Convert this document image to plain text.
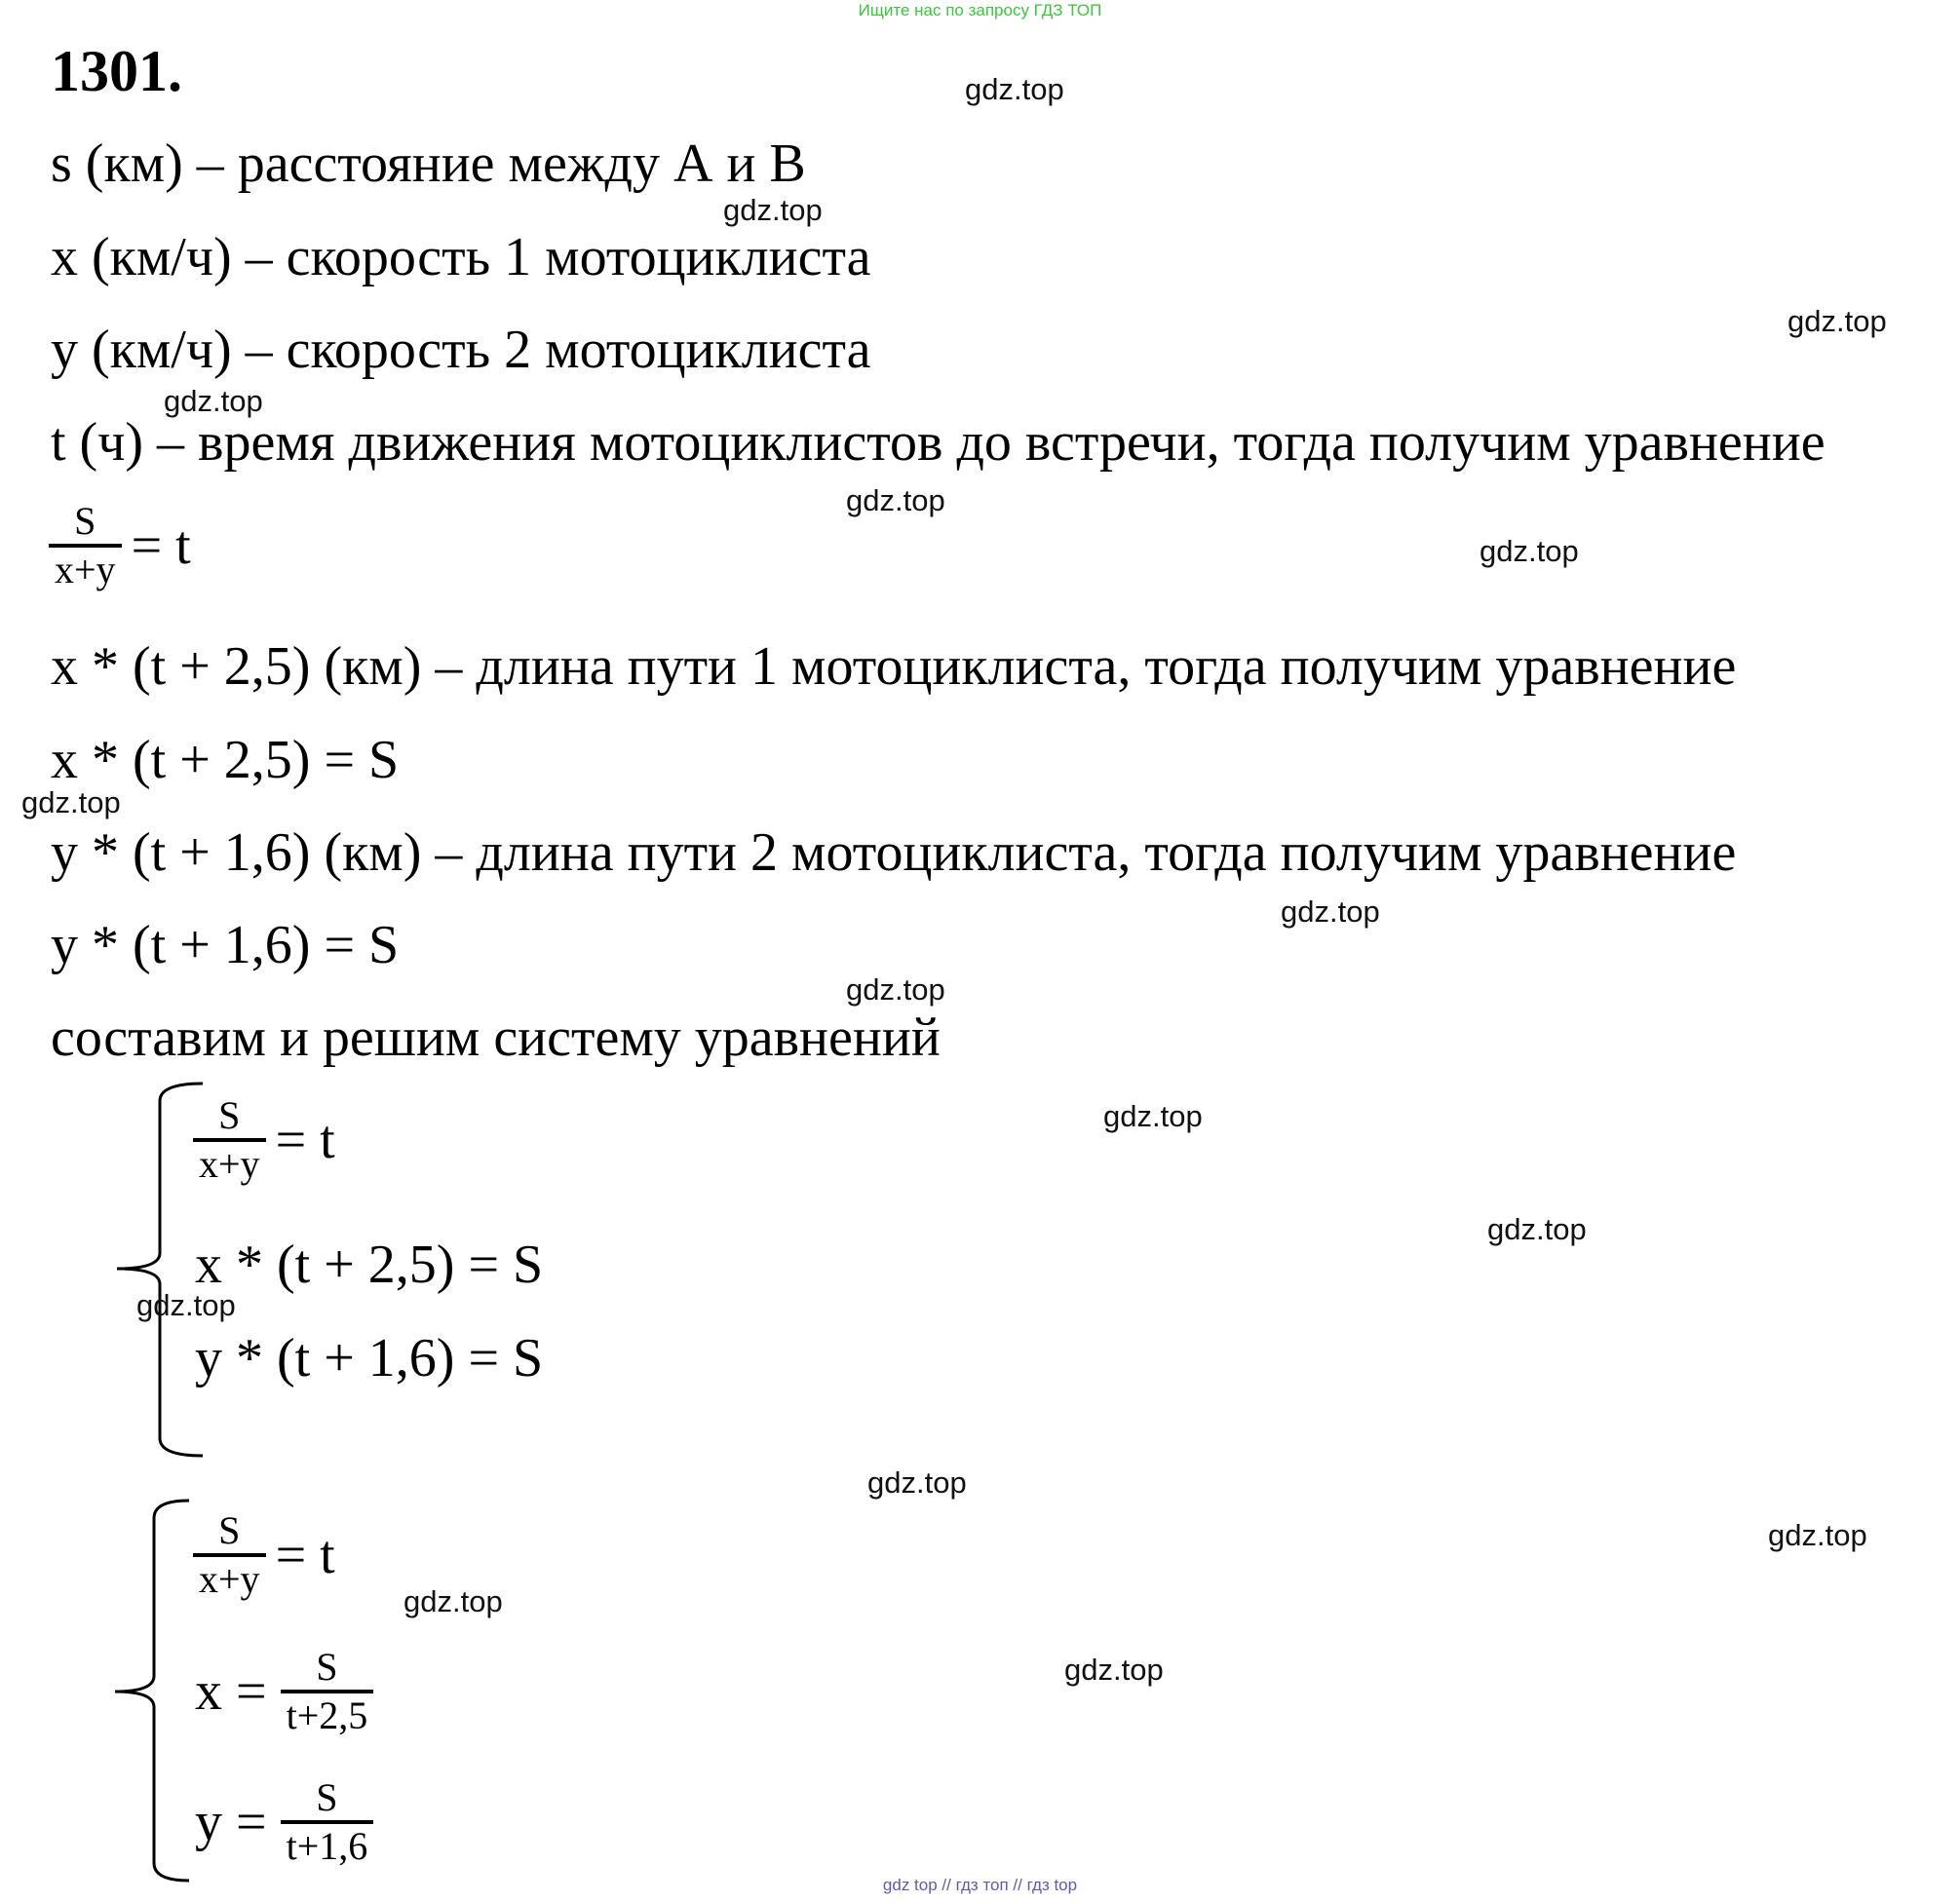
Ищите нас по запросу ГДЗ ТОП
1301.
s (км) – расстояние между А и В
x (км/ч) – скорость 1 мотоциклиста
y (км/ч) – скорость 2 мотоциклиста
t (ч) – время движения мотоциклистов до встречи, тогда получим уравнение
$\frac{S}{x+y} = t$
x * (t + 2,5) (км) – длина пути 1 мотоциклиста, тогда получим уравнение
x * (t + 2,5) = S
y * (t + 1,6) (км) – длина пути 2 мотоциклиста, тогда получим уравнение
y * (t + 1,6) = S
составим и решим систему уравнений
$\frac{S}{x+y} = t$
x * (t + 2,5) = S
y * (t + 1,6) = S
$\frac{S}{x+y} = t$
$x = \frac{S}{t+2,5}$
$y = \frac{S}{t+1,6}$
gdz.top
gdz.top
gdz.top
gdz.top
gdz.top
gdz.top
gdz.top
gdz.top
gdz.top
gdz.top
gdz.top
gdz.top
gdz.top
gdz.top
gdz.top
gdz.top
gdz top // гдз топ // гдз top
